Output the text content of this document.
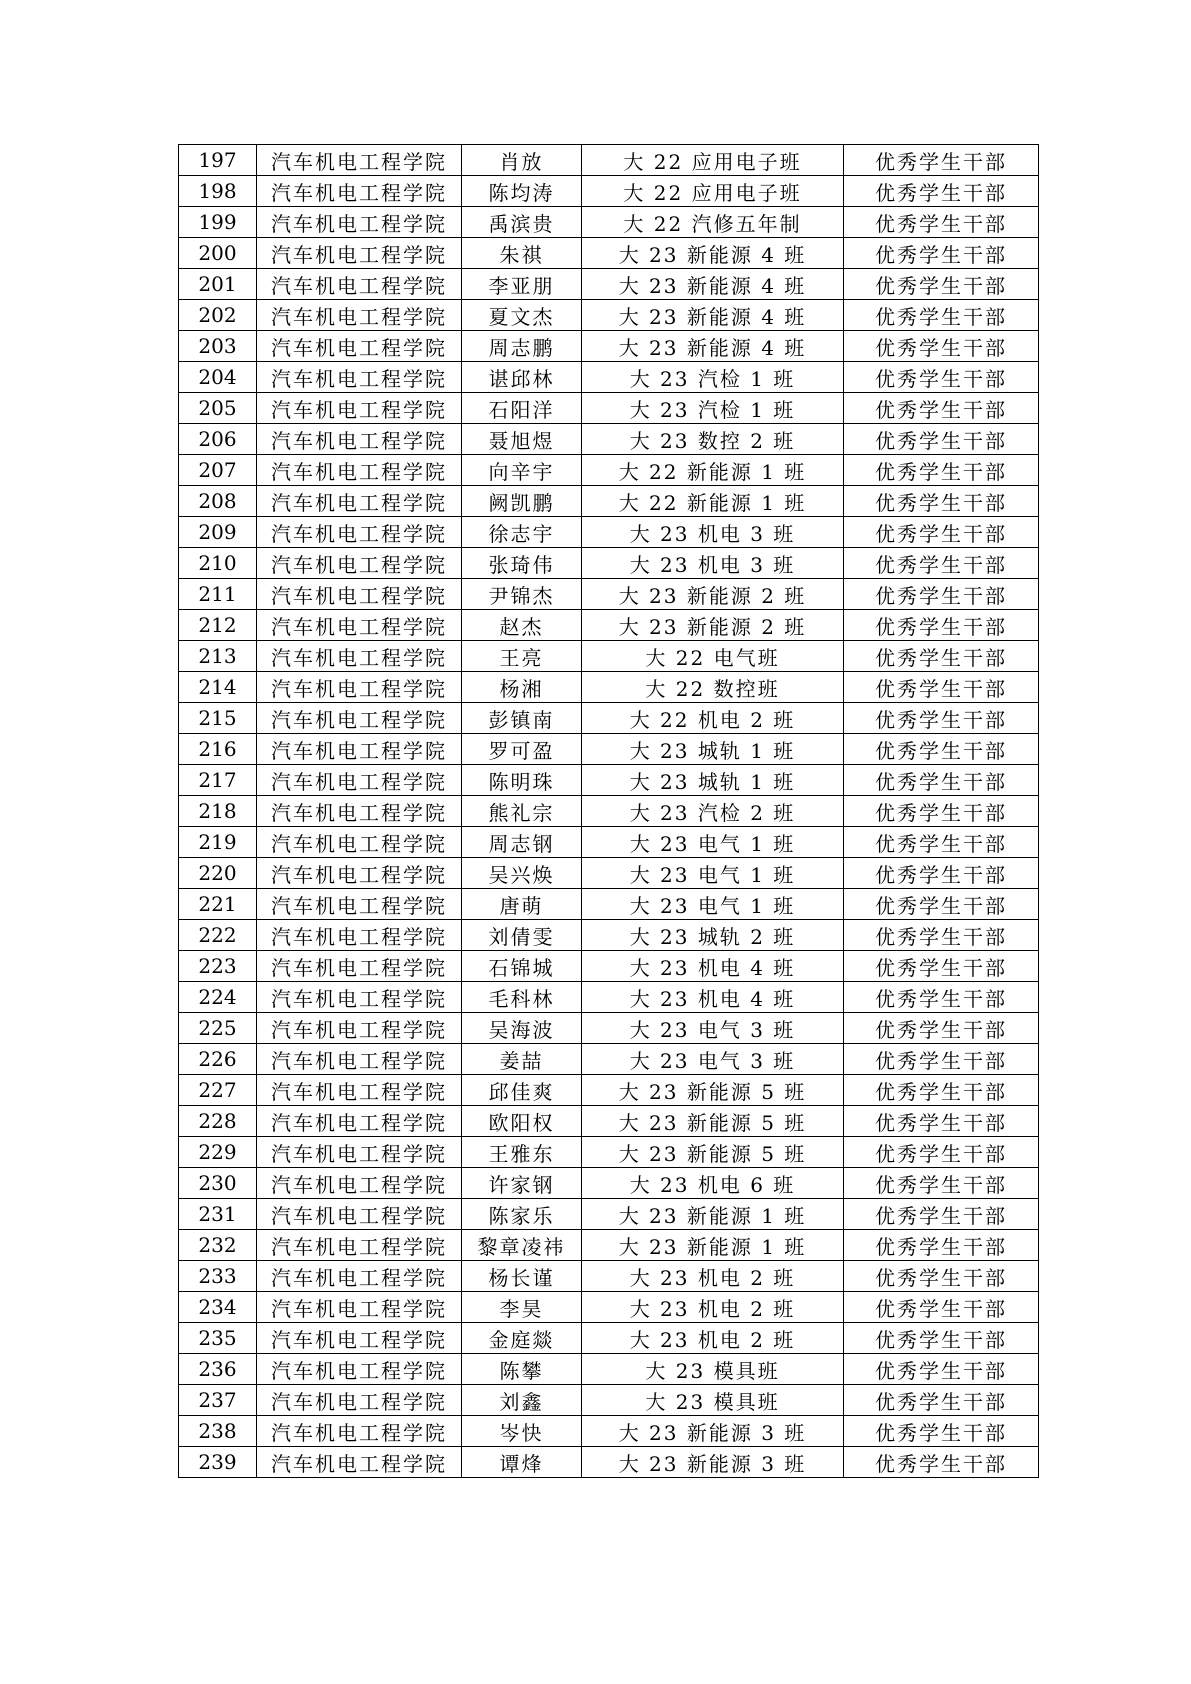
197	汽车机电工程学院	肖放	大 22 应用电子班	优秀学生干部
198	汽车机电工程学院	陈均涛	大 22 应用电子班	优秀学生干部
199	汽车机电工程学院	禹滨贵	大 22 汽修五年制	优秀学生干部
200	汽车机电工程学院	朱祺	大 23 新能源 4 班	优秀学生干部
201	汽车机电工程学院	李亚朋	大 23 新能源 4 班	优秀学生干部
202	汽车机电工程学院	夏文杰	大 23 新能源 4 班	优秀学生干部
203	汽车机电工程学院	周志鹏	大 23 新能源 4 班	优秀学生干部
204	汽车机电工程学院	谌邱林	大 23 汽检 1 班	优秀学生干部
205	汽车机电工程学院	石阳洋	大 23 汽检 1 班	优秀学生干部
206	汽车机电工程学院	聂旭煜	大 23 数控 2 班	优秀学生干部
207	汽车机电工程学院	向辛宇	大 22 新能源 1 班	优秀学生干部
208	汽车机电工程学院	阙凯鹏	大 22 新能源 1 班	优秀学生干部
209	汽车机电工程学院	徐志宇	大 23 机电 3 班	优秀学生干部
210	汽车机电工程学院	张琦伟	大 23 机电 3 班	优秀学生干部
211	汽车机电工程学院	尹锦杰	大 23 新能源 2 班	优秀学生干部
212	汽车机电工程学院	赵杰	大 23 新能源 2 班	优秀学生干部
213	汽车机电工程学院	王亮	大 22 电气班	优秀学生干部
214	汽车机电工程学院	杨湘	大 22 数控班	优秀学生干部
215	汽车机电工程学院	彭镇南	大 22 机电 2 班	优秀学生干部
216	汽车机电工程学院	罗可盈	大 23 城轨 1 班	优秀学生干部
217	汽车机电工程学院	陈明珠	大 23 城轨 1 班	优秀学生干部
218	汽车机电工程学院	熊礼宗	大 23 汽检 2 班	优秀学生干部
219	汽车机电工程学院	周志钢	大 23 电气 1 班	优秀学生干部
220	汽车机电工程学院	吴兴焕	大 23 电气 1 班	优秀学生干部
221	汽车机电工程学院	唐萌	大 23 电气 1 班	优秀学生干部
222	汽车机电工程学院	刘倩雯	大 23 城轨 2 班	优秀学生干部
223	汽车机电工程学院	石锦城	大 23 机电 4 班	优秀学生干部
224	汽车机电工程学院	毛科林	大 23 机电 4 班	优秀学生干部
225	汽车机电工程学院	吴海波	大 23 电气 3 班	优秀学生干部
226	汽车机电工程学院	姜喆	大 23 电气 3 班	优秀学生干部
227	汽车机电工程学院	邱佳爽	大 23 新能源 5 班	优秀学生干部
228	汽车机电工程学院	欧阳权	大 23 新能源 5 班	优秀学生干部
229	汽车机电工程学院	王雅东	大 23 新能源 5 班	优秀学生干部
230	汽车机电工程学院	许家钢	大 23 机电 6 班	优秀学生干部
231	汽车机电工程学院	陈家乐	大 23 新能源 1 班	优秀学生干部
232	汽车机电工程学院	黎章凌祎	大 23 新能源 1 班	优秀学生干部
233	汽车机电工程学院	杨长谨	大 23 机电 2 班	优秀学生干部
234	汽车机电工程学院	李昊	大 23 机电 2 班	优秀学生干部
235	汽车机电工程学院	金庭燚	大 23 机电 2 班	优秀学生干部
236	汽车机电工程学院	陈攀	大 23 模具班	优秀学生干部
237	汽车机电工程学院	刘鑫	大 23 模具班	优秀学生干部
238	汽车机电工程学院	岑快	大 23 新能源 3 班	优秀学生干部
239	汽车机电工程学院	谭烽	大 23 新能源 3 班	优秀学生干部
